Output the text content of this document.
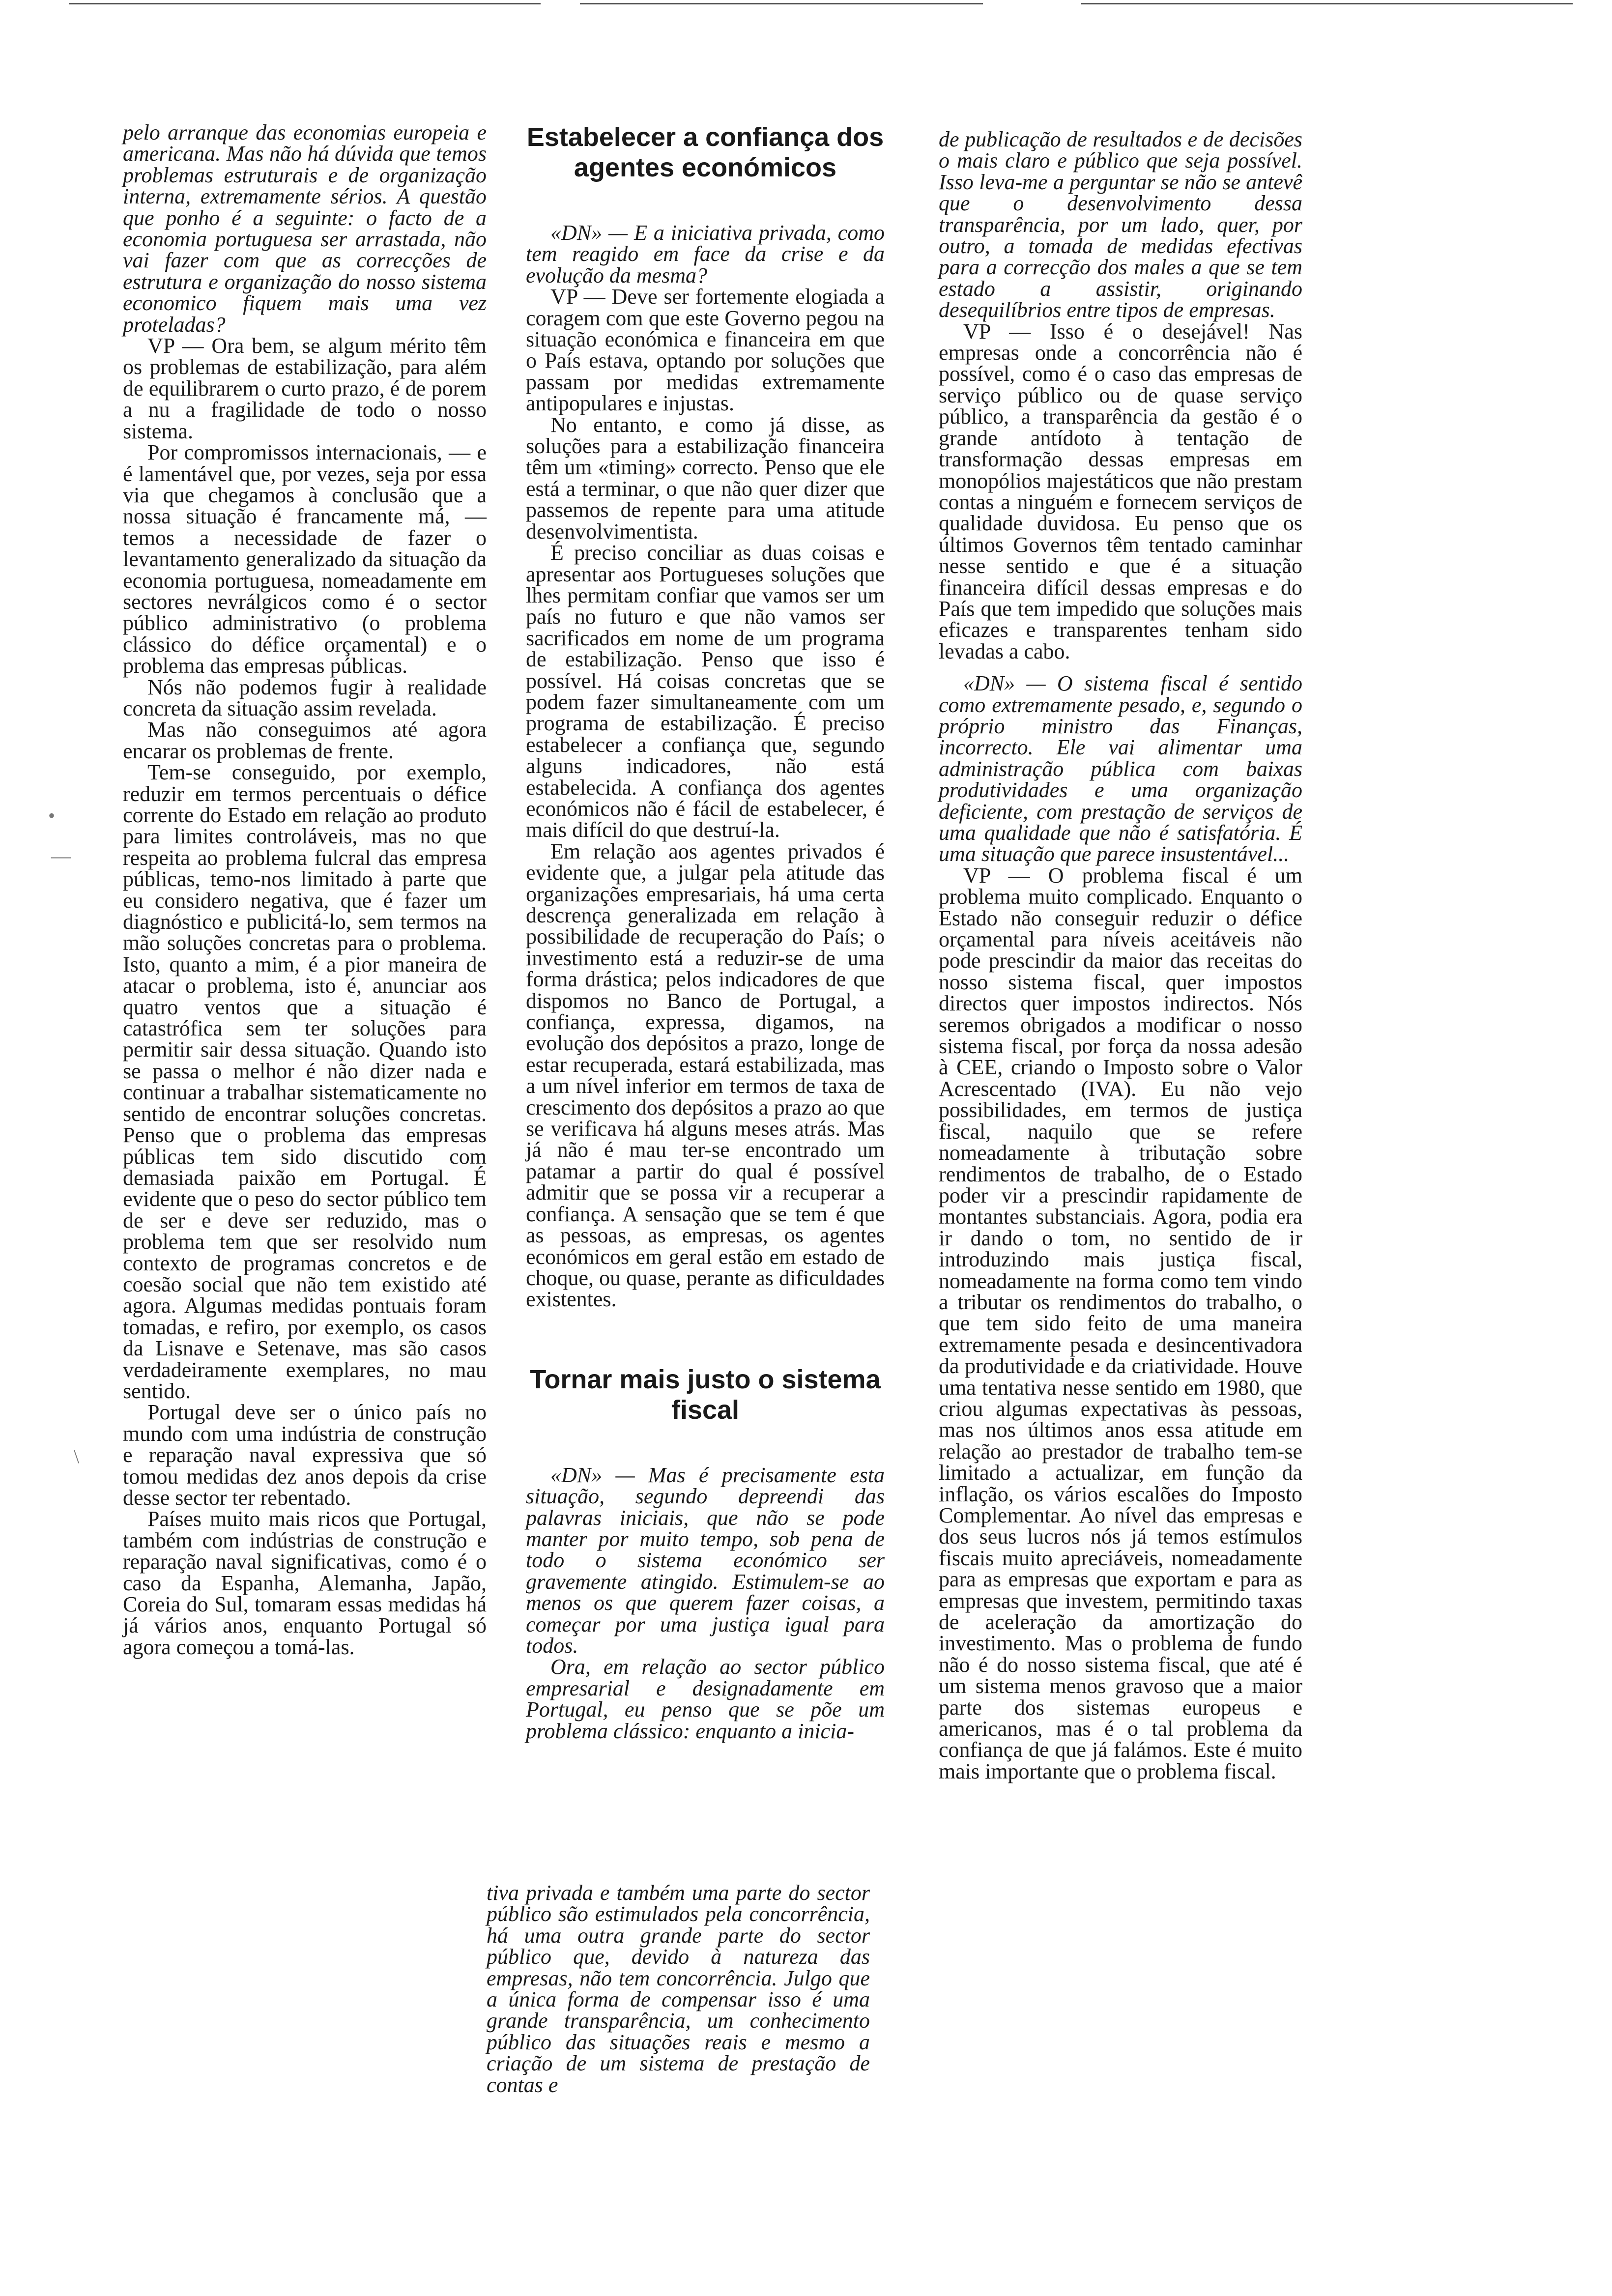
•
—
\

pelo arranque das economias europeia e americana. Mas não há dúvida que temos problemas estruturais e de organização interna, extremamente sérios. A questão que ponho é a seguinte: o facto de a economia portuguesa ser arrastada, não vai fazer com que as correcções de estrutura e organização do nosso sistema economico fiquem mais uma vez proteladas?

VP — Ora bem, se algum mérito têm os problemas de estabilização, para além de equilibrarem o curto prazo, é de porem a nu a fragilidade de todo o nosso sistema.

Por compromissos internacionais, — e é lamentável que, por vezes, seja por essa via que chegamos à conclusão que a nossa situação é francamente má, — temos a necessidade de fazer o levantamento generalizado da situação da economia portuguesa, nomeadamente em sectores nevrálgicos como é o sector público administrativo (o problema clássico do défice orçamental) e o problema das empresas públicas.

Nós não podemos fugir à realidade concreta da situação assim revelada.

Mas não conseguimos até agora encarar os problemas de frente.

Tem-se conseguido, por exemplo, reduzir em termos percentuais o défice corrente do Estado em relação ao produto para limites controláveis, mas no que respeita ao problema fulcral das empresa públicas, temo-nos limitado à parte que eu considero negativa, que é fazer um diagnóstico e publicitá-lo, sem termos na mão soluções concretas para o problema. Isto, quanto a mim, é a pior maneira de atacar o problema, isto é, anunciar aos quatro ventos que a situação é catastrófica sem ter soluções para permitir sair dessa situação. Quando isto se passa o melhor é não dizer nada e continuar a trabalhar sistematicamente no sentido de encontrar soluções concretas. Penso que o problema das empresas públicas tem sido discutido com demasiada paixão em Portugal. É evidente que o peso do sector público tem de ser e deve ser reduzido, mas o problema tem que ser resolvido num contexto de programas concretos e de coesão social que não tem existido até agora. Algumas medidas pontuais foram tomadas, e refiro, por exemplo, os casos da Lisnave e Setenave, mas são casos verdadeiramente exemplares, no mau sentido.

Portugal deve ser o único país no mundo com uma indústria de construção e reparação naval expressiva que só tomou medidas dez anos depois da crise desse sector ter rebentado.

Países muito mais ricos que Portugal, também com indústrias de construção e reparação naval significativas, como é o caso da Espanha, Alemanha, Japão, Coreia do Sul, tomaram essas medidas há já vários anos, enquanto Portugal só agora começou a tomá-las.

Estabelecer a confiança dos agentes económicos

«DN» — E a iniciativa privada, como tem reagido em face da crise e da evolução da mesma?

VP — Deve ser fortemente elogiada a coragem com que este Governo pegou na situação económica e financeira em que o País estava, optando por soluções que passam por medidas extremamente antipopulares e injustas.

No entanto, e como já disse, as soluções para a estabilização financeira têm um «timing» correcto. Penso que ele está a terminar, o que não quer dizer que passemos de repente para uma atitude desenvolvimentista.

É preciso conciliar as duas coisas e apresentar aos Portugueses soluções que lhes permitam confiar que vamos ser um país no futuro e que não vamos ser sacrificados em nome de um programa de estabilização. Penso que isso é possível. Há coisas concretas que se podem fazer simultaneamente com um programa de estabilização. É preciso estabelecer a confiança que, segundo alguns indicadores, não está estabelecida. A confiança dos agentes económicos não é fácil de estabelecer, é mais difícil do que destruí-la.

Em relação aos agentes privados é evidente que, a julgar pela atitude das organizações empresariais, há uma certa descrença generalizada em relação à possibilidade de recuperação do País; o investimento está a reduzir-se de uma forma drástica; pelos indicadores de que dispomos no Banco de Portugal, a confiança, expressa, digamos, na evolução dos depósitos a prazo, longe de estar recuperada, estará estabilizada, mas a um nível inferior em termos de taxa de crescimento dos depósitos a prazo ao que se verificava há alguns meses atrás. Mas já não é mau ter-se encontrado um patamar a partir do qual é possível admitir que se possa vir a recuperar a confiança. A sensação que se tem é que as pessoas, as empresas, os agentes económicos em geral estão em estado de choque, ou quase, perante as dificuldades existentes.

Tornar mais justo o sistema fiscal

«DN» — Mas é precisamente esta situação, segundo depreendi das palavras iniciais, que não se pode manter por muito tempo, sob pena de todo o sistema económico ser gravemente atingido. Estimulem-se ao menos os que querem fazer coisas, a começar por uma justiça igual para todos.

Ora, em relação ao sector público empresarial e designadamente em Portugal, eu penso que se põe um problema clássico: enquanto a inicia-

tiva privada e também uma parte do sector público são estimulados pela concorrência, há uma outra grande parte do sector público que, devido à natureza das empresas, não tem concorrência. Julgo que a única forma de compensar isso é uma grande transparência, um conhecimento público das situações reais e mesmo a criação de um sistema de prestação de contas e

de publicação de resultados e de decisões o mais claro e público que seja possível. Isso leva-me a perguntar se não se antevê que o desenvolvimento dessa transparência, por um lado, quer, por outro, a tomada de medidas efectivas para a correcção dos males a que se tem estado a assistir, originando desequilíbrios entre tipos de empresas.

VP — Isso é o desejável! Nas empresas onde a concorrência não é possível, como é o caso das empresas de serviço público ou de quase serviço público, a transparência da gestão é o grande antídoto à tentação de transformação dessas empresas em monopólios majestáticos que não prestam contas a ninguém e fornecem serviços de qualidade duvidosa. Eu penso que os últimos Governos têm tentado caminhar nesse sentido e que é a situação financeira difícil dessas empresas e do País que tem impedido que soluções mais eficazes e transparentes tenham sido levadas a cabo.

«DN» — O sistema fiscal é sentido como extremamente pesado, e, segundo o próprio ministro das Finanças, incorrecto. Ele vai alimentar uma administração pública com baixas produtividades e uma organização deficiente, com prestação de serviços de uma qualidade que não é satisfatória. É uma situação que parece insustentável...

VP — O problema fiscal é um problema muito complicado. Enquanto o Estado não conseguir reduzir o défice orçamental para níveis aceitáveis não pode prescindir da maior das receitas do nosso sistema fiscal, quer impostos directos quer impostos indirectos. Nós seremos obrigados a modificar o nosso sistema fiscal, por força da nossa adesão à CEE, criando o Imposto sobre o Valor Acrescentado (IVA). Eu não vejo possibilidades, em termos de justiça fiscal, naquilo que se refere nomeadamente à tributação sobre rendimentos de trabalho, de o Estado poder vir a prescindir rapidamente de montantes substanciais. Agora, podia era ir dando o tom, no sentido de ir introduzindo mais justiça fiscal, nomeadamente na forma como tem vindo a tributar os rendimentos do trabalho, o que tem sido feito de uma maneira extremamente pesada e desincentivadora da produtividade e da criatividade. Houve uma tentativa nesse sentido em 1980, que criou algumas expectativas às pessoas, mas nos últimos anos essa atitude em relação ao prestador de trabalho tem-se limitado a actualizar, em função da inflação, os vários escalões do Imposto Complementar. Ao nível das empresas e dos seus lucros nós já temos estímulos fiscais muito apreciáveis, nomeadamente para as empresas que exportam e para as empresas que investem, permitindo taxas de aceleração da amortização do investimento. Mas o problema de fundo não é do nosso sistema fiscal, que até é um sistema menos gravoso que a maior parte dos sistemas europeus e americanos, mas é o tal problema da confiança de que já falámos. Este é muito mais importante que o problema fiscal.
